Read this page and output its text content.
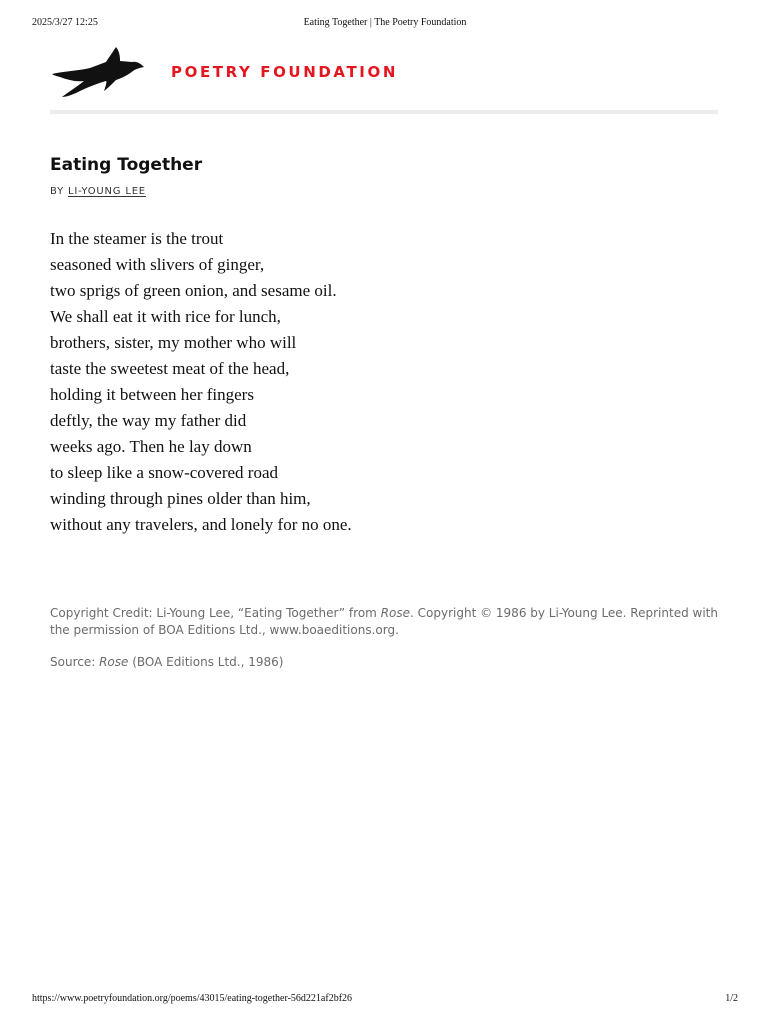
2025/3/27 12:25	Eating Together | The Poetry Foundation
POETRY FOUNDATION
Eating Together
BY LI-YOUNG LEE
In the steamer is the trout
seasoned with slivers of ginger,
two sprigs of green onion, and sesame oil.
We shall eat it with rice for lunch,
brothers, sister, my mother who will
taste the sweetest meat of the head,
holding it between her fingers
deftly, the way my father did
weeks ago. Then he lay down
to sleep like a snow-covered road
winding through pines older than him,
without any travelers, and lonely for no one.

Copyright Credit: Li-Young Lee, “Eating Together” from Rose. Copyright © 1986 by Li-Young Lee. Reprinted with the permission of BOA Editions Ltd., www.boaeditions.org.

Source: Rose (BOA Editions Ltd., 1986)

https://www.poetryfoundation.org/poems/43015/eating-together-56d221af2bf26	1/2
